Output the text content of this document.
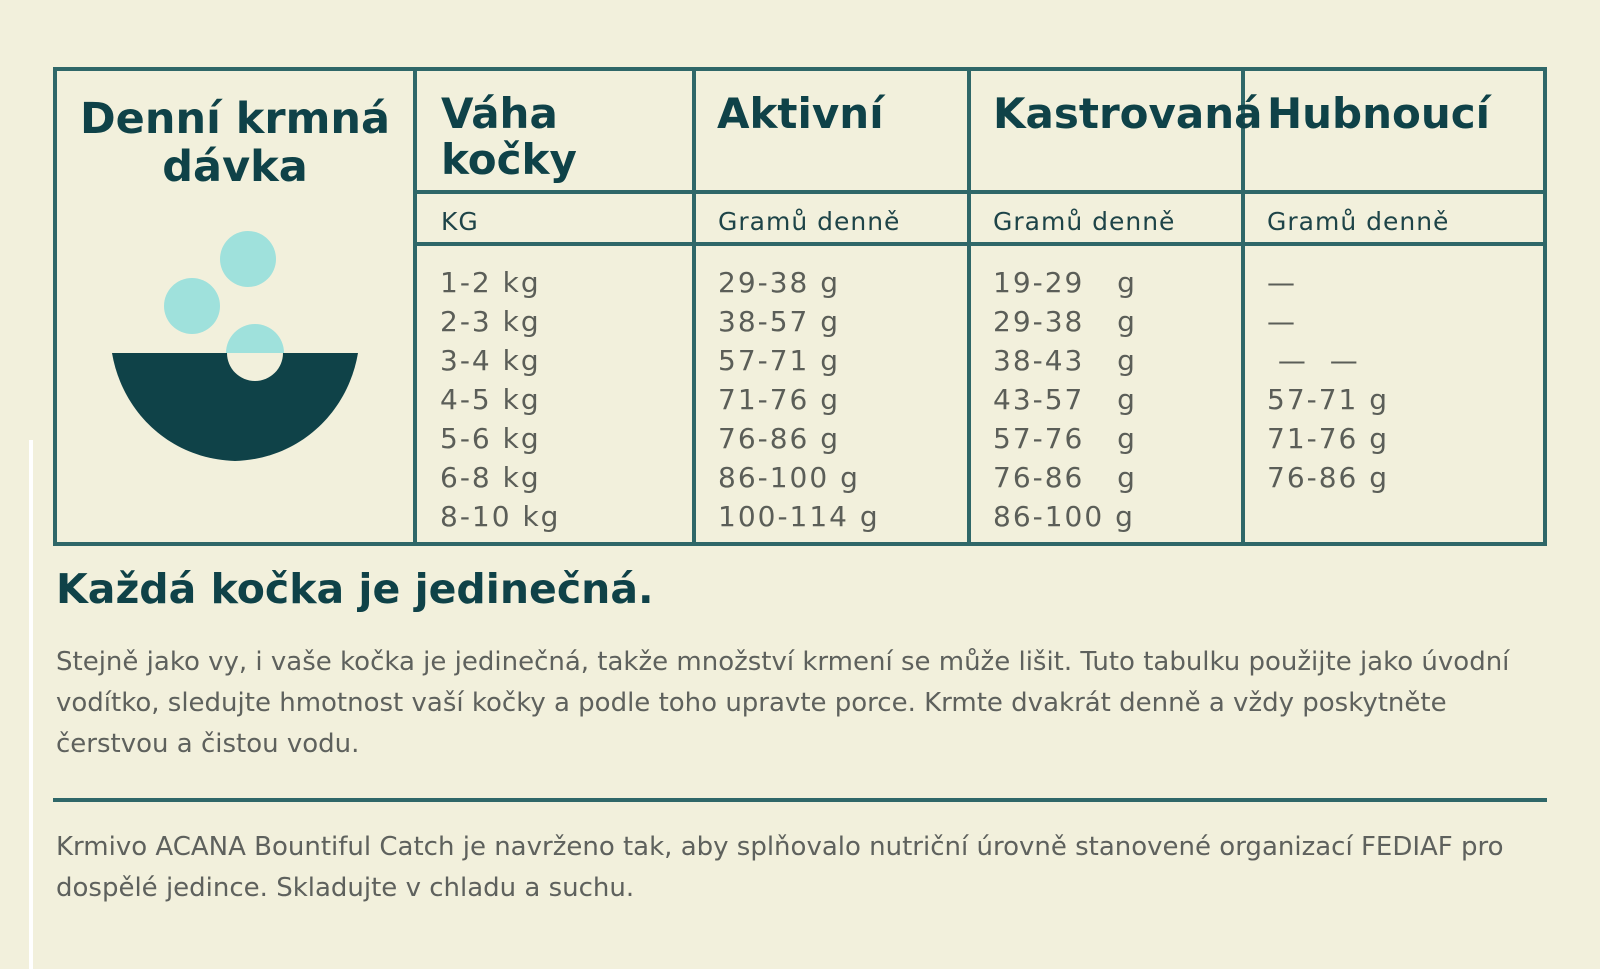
Denní krmná
dávka
Váha
kočky
KG
1-2 kg
2-3 kg
3-4 kg
4-5 kg
5-6 kg
6-8 kg
8-10 kg
Aktivní
Gramů denně
29-38 g
38-57 g
57-71 g
71-76 g
76-86 g
86-100 g
100-114 g
Kastrovaná
Gramů denně
19-29   g
29-38   g
38-43   g
43-57   g
57-76   g
76-86   g
86-100 g
Hubnoucí
Gramů denně
—
—
—  —
57-71 g
71-76 g
76-86 g
Každá kočka je jedinečná.

Stejně jako vy, i vaše kočka je jedinečná, takže množství krmení se může lišit. Tuto tabulku použijte jako úvodní vodítko, sledujte hmotnost vaší kočky a podle toho upravte porce. Krmte dvakrát denně a vždy poskytněte čerstvou a čistou vodu.

Krmivo ACANA Bountiful Catch je navrženo tak, aby splňovalo nutriční úrovně stanovené organizací FEDIAF pro dospělé jedince. Skladujte v chladu a suchu.
